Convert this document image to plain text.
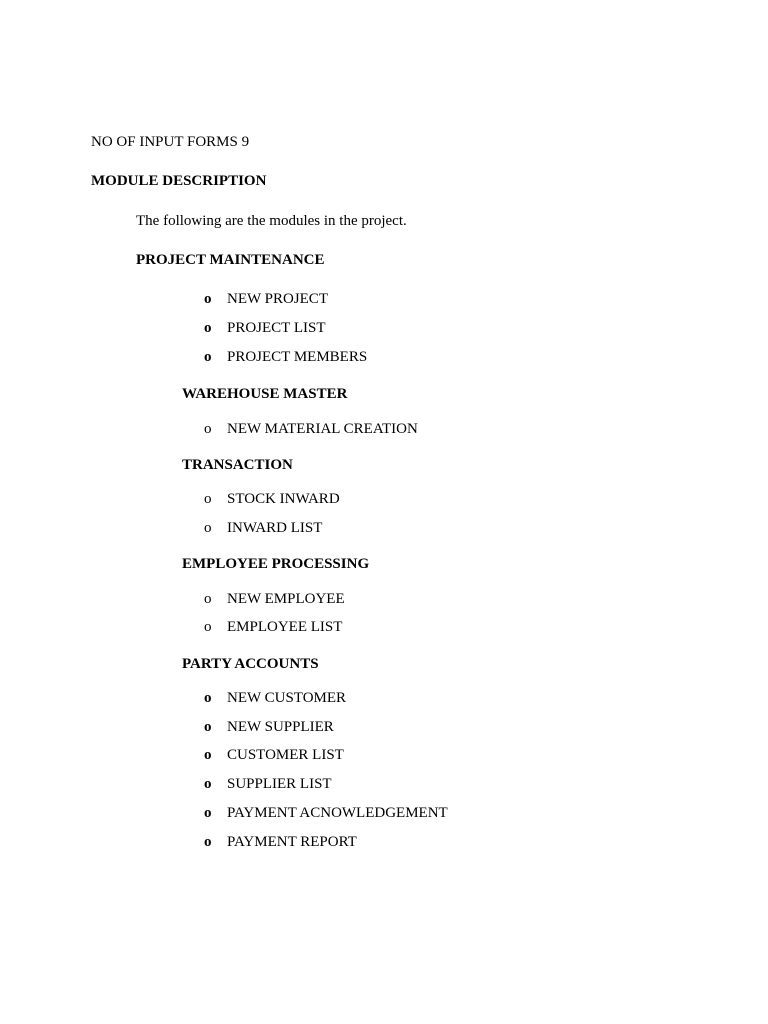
NO OF INPUT FORMS 9
MODULE DESCRIPTION
The following are the modules in the project.
PROJECT MAINTENANCE
o	NEW PROJECT
o	PROJECT LIST
o	PROJECT MEMBERS
WAREHOUSE MASTER
o	NEW MATERIAL CREATION
TRANSACTION
o	STOCK INWARD
o	INWARD LIST
EMPLOYEE PROCESSING
o	NEW EMPLOYEE
o	EMPLOYEE LIST
PARTY ACCOUNTS
o	NEW CUSTOMER
o	NEW SUPPLIER
o	CUSTOMER LIST
o	SUPPLIER LIST
o	PAYMENT ACNOWLEDGEMENT
o	PAYMENT REPORT
